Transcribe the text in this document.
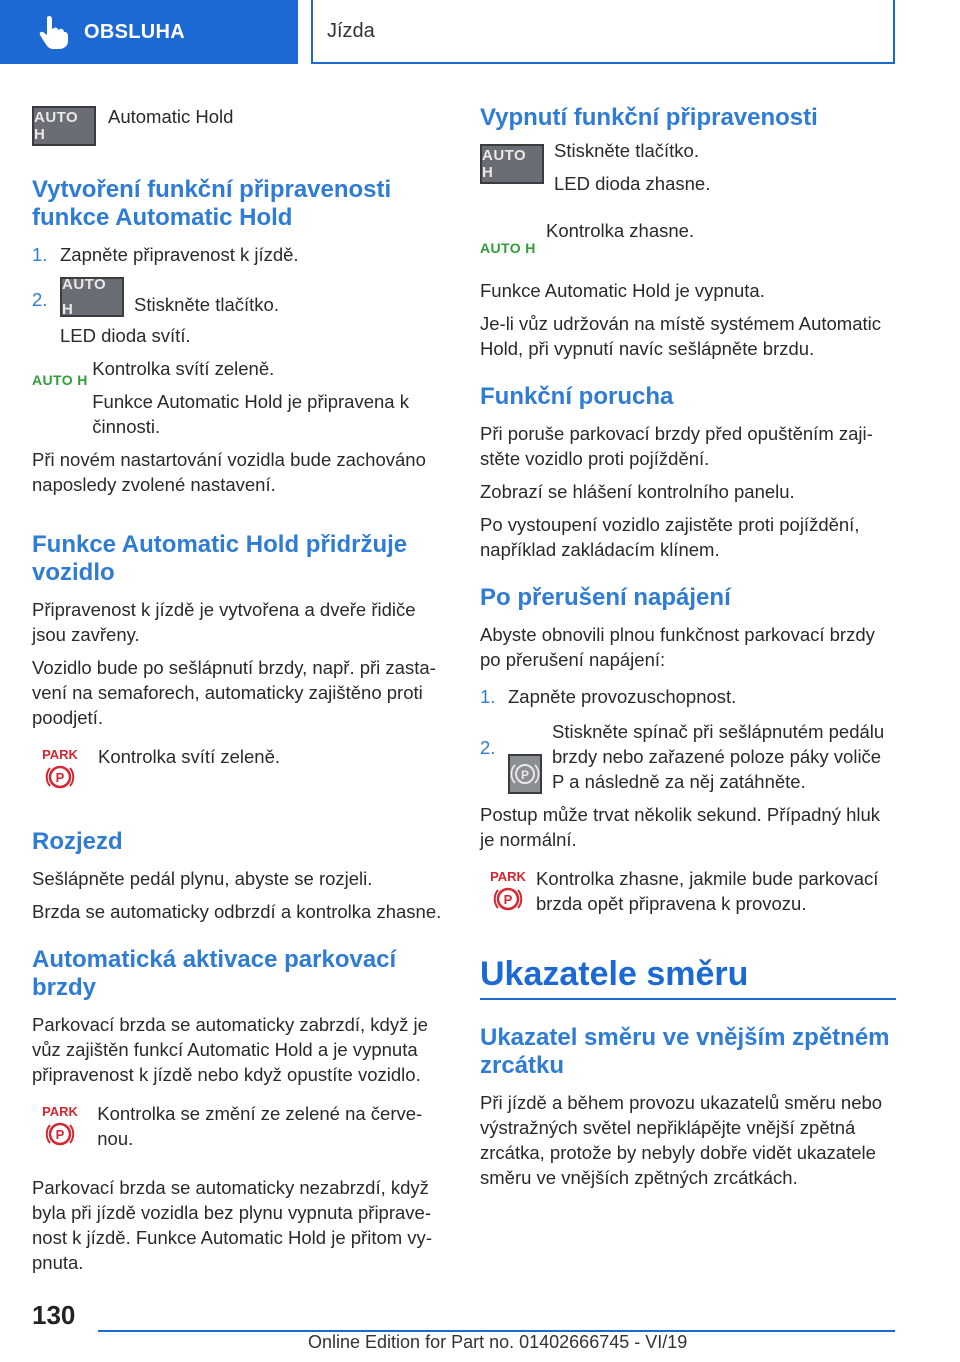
OBSLUHA	Jízda
AUTO H

Automatic Hold

Vytvoření funkční připravenosti funkce Automatic Hold
1. Zapněte připravenost k jízdě.
2.
AUTO H	Stiskněte tlačítko.
LED dioda svítí.
AUTO H

Kontrolka svítí zeleně.

Funkce Automatic Hold je připravena k činnosti.

Při novém nastartování vozidla bude zachováno naposledy zvolené nastavení.

Funkce Automatic Hold přidržuje vozidlo

Připravenost k jízdě je vytvořena a dveře řidiče jsou zavřeny.

Vozidlo bude po sešlápnutí brzdy, např. při zastavení na semaforech, automaticky zajištěno proti poodjetí.

PARK
P

Kontrolka svítí zeleně.

Rozjezd

Sešlápněte pedál plynu, abyste se rozjeli.

Brzda se automaticky odbrzdí a kontrolka zhasne.

Automatická aktivace parkovací brzdy

Parkovací brzda se automaticky zabrzdí, když je vůz zajištěn funkcí Automatic Hold a je vypnuta připravenost k jízdě nebo když opustíte vozidlo.

PARK
P

Kontrolka se změní ze zelené na červenou.

Parkovací brzda se automaticky nezabrzdí, když byla při jízdě vozidla bez plynu vypnuta připravenost k jízdě. Funkce Automatic Hold je přitom vypnuta.

Vypnutí funkční připravenosti
AUTO H

Stiskněte tlačítko.

LED dioda zhasne.

AUTO H

Kontrolka zhasne.

Funkce Automatic Hold je vypnuta.

Je-li vůz udržován na místě systémem Automatic Hold, při vypnutí navíc sešlápněte brzdu.

Funkční porucha

Při poruše parkovací brzdy před opuštěním zajistěte vozidlo proti pojíždění.

Zobrazí se hlášení kontrolního panelu.

Po vystoupení vozidlo zajistěte proti pojíždění, například zakládacím klínem.

Po přerušení napájení

Abyste obnovili plnou funkčnost parkovací brzdy po přerušení napájení:

1. Zapněte provozuschopnost.
2.
P
Stiskněte spínač při sešlápnutém pedálu brzdy nebo zařazené poloze páky voliče P a následně za něj zatáhněte.

Postup může trvat několik sekund. Případný hluk je normální.

PARK
P

Kontrolka zhasne, jakmile bude parkovací brzda opět připravena k provozu.

Ukazatele směru
Ukazatel směru ve vnějším zpětném zrcátku

Při jízdě a během provozu ukazatelů směru nebo výstražných světel nepřiklápějte vnější zpětná zrcátka, protože by nebyly dobře vidět ukazatele směru ve vnějších zpětných zrcátkách.

130
Online Edition for Part no. 01402666745 - VI/19
